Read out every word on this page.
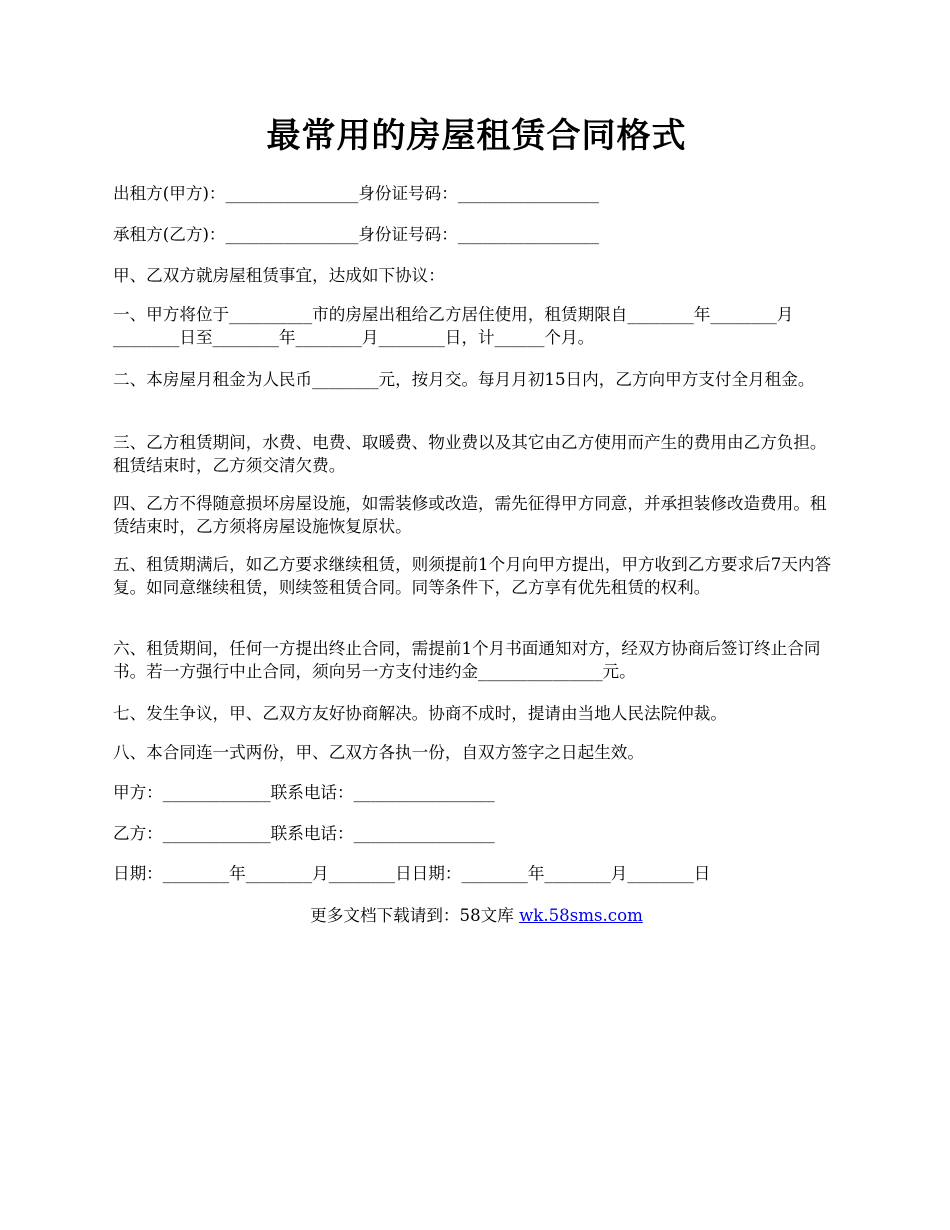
最常用的房屋租赁合同格式

出租方(甲方)：________________身份证号码：_________________

承租方(乙方)：________________身份证号码：_________________

甲、乙双方就房屋租赁事宜，达成如下协议：

一、甲方将位于__________市的房屋出租给乙方居住使用，租赁期限自________年________月________日至________年________月________日，计______个月。

二、本房屋月租金为人民币________元，按月交。每月月初15日内，乙方向甲方支付全月租金。

三、乙方租赁期间，水费、电费、取暖费、物业费以及其它由乙方使用而产生的费用由乙方负担。租赁结束时，乙方须交清欠费。

四、乙方不得随意损坏房屋设施，如需装修或改造，需先征得甲方同意，并承担装修改造费用。租赁结束时，乙方须将房屋设施恢复原状。

五、租赁期满后，如乙方要求继续租赁，则须提前1个月向甲方提出，甲方收到乙方要求后7天内答复。如同意继续租赁，则续签租赁合同。同等条件下，乙方享有优先租赁的权利。

六、租赁期间，任何一方提出终止合同，需提前1个月书面通知对方，经双方协商后签订终止合同书。若一方强行中止合同，须向另一方支付违约金_______________元。

七、发生争议，甲、乙双方友好协商解决。协商不成时，提请由当地人民法院仲裁。

八、本合同连一式两份，甲、乙双方各执一份，自双方签字之日起生效。

甲方：_____________联系电话：_________________

乙方：_____________联系电话：_________________

日期：________年________月________日日期：________年________月________日

更多文档下载请到：58文库 wk.58sms.com
